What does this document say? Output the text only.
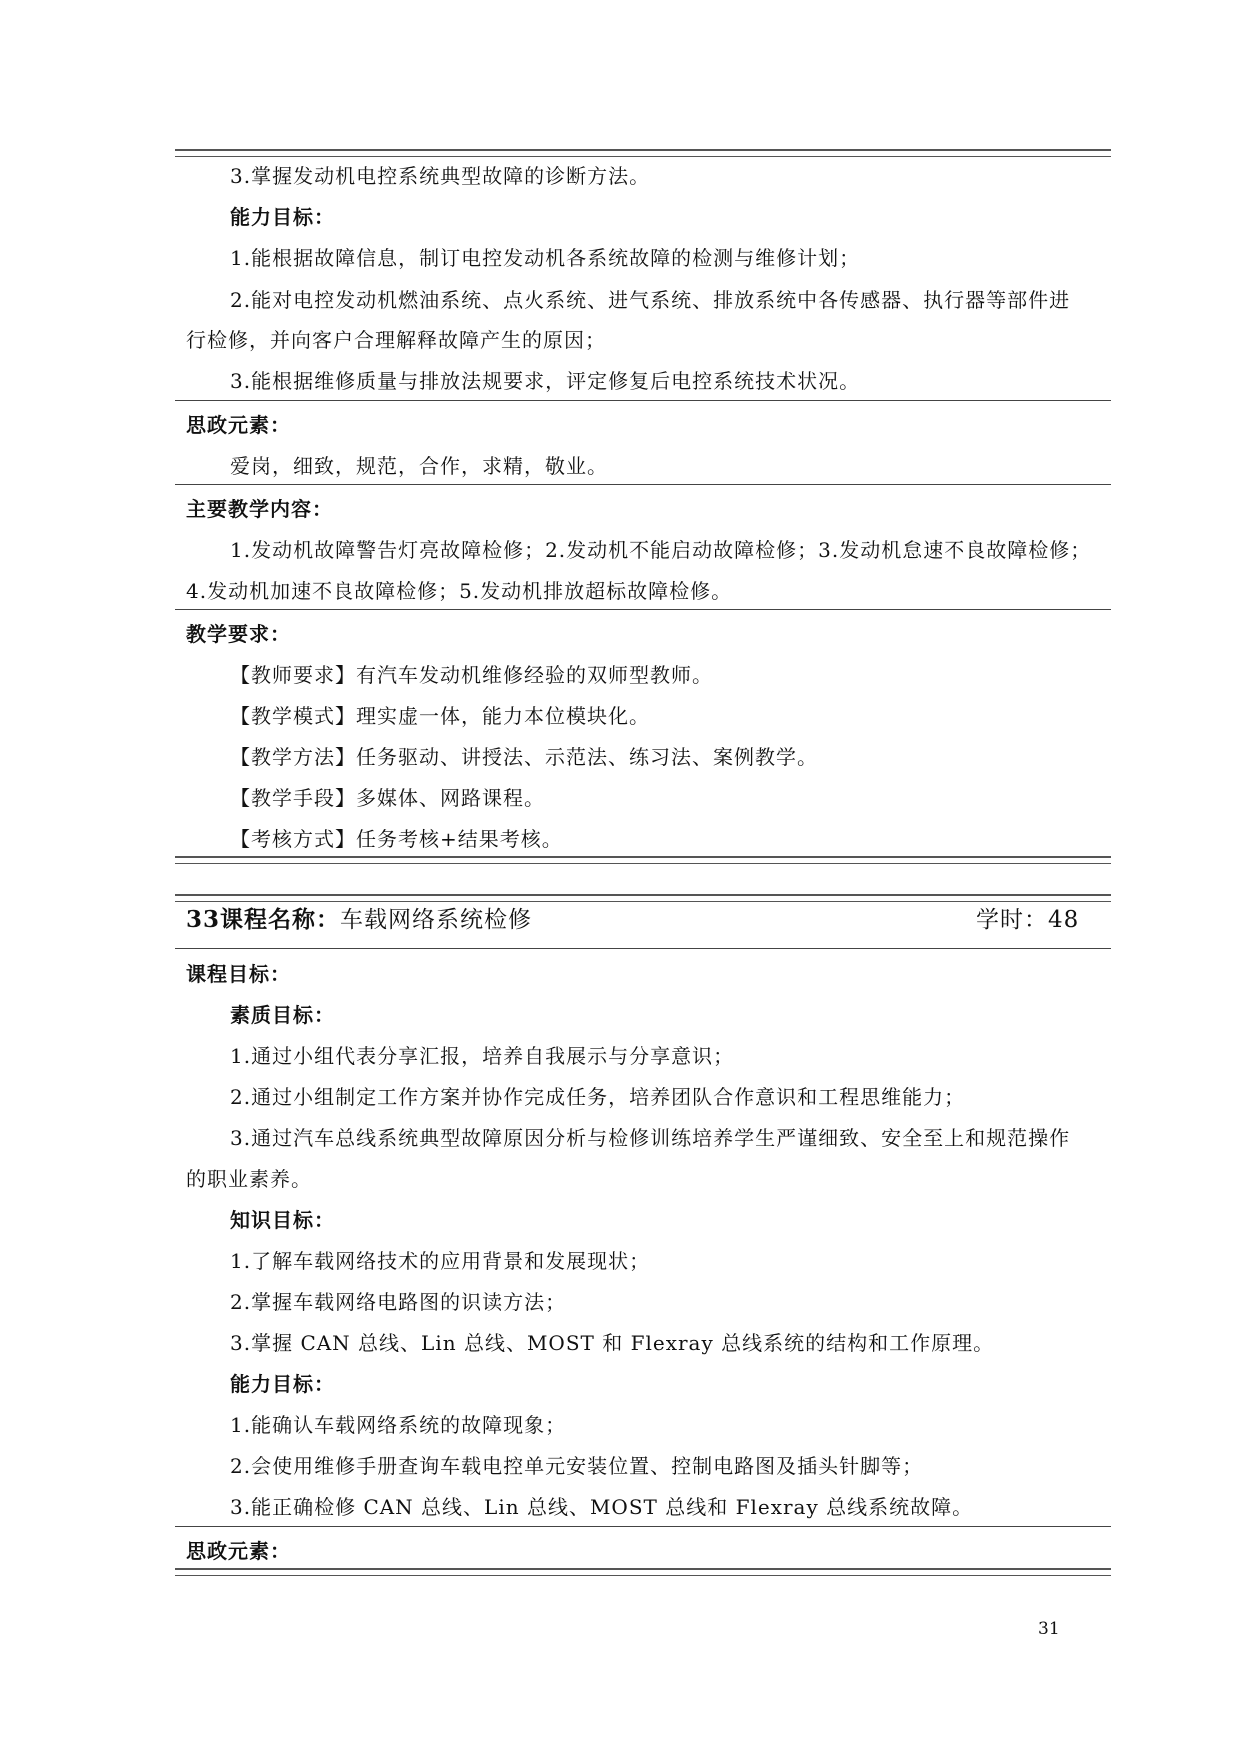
3.掌握发动机电控系统典型故障的诊断方法。
能力目标：
1.能根据故障信息，制订电控发动机各系统故障的检测与维修计划；
2.能对电控发动机燃油系统、点火系统、进气系统、排放系统中各传感器、执行器等部件进
行检修，并向客户合理解释故障产生的原因；
3.能根据维修质量与排放法规要求，评定修复后电控系统技术状况。
思政元素：
爱岗，细致，规范，合作，求精，敬业。
主要教学内容：
1.发动机故障警告灯亮故障检修；2.发动机不能启动故障检修；3.发动机怠速不良故障检修；
4.发动机加速不良故障检修；5.发动机排放超标故障检修。
教学要求：
【教师要求】有汽车发动机维修经验的双师型教师。
【教学模式】理实虚一体，能力本位模块化。
【教学方法】任务驱动、讲授法、示范法、练习法、案例教学。
【教学手段】多媒体、网路课程。
【考核方式】任务考核+结果考核。
33课程名称：车载网络系统检修	学时：48
课程目标：
素质目标：
1.通过小组代表分享汇报，培养自我展示与分享意识；
2.通过小组制定工作方案并协作完成任务，培养团队合作意识和工程思维能力；
3.通过汽车总线系统典型故障原因分析与检修训练培养学生严谨细致、安全至上和规范操作
的职业素养。
知识目标：
1.了解车载网络技术的应用背景和发展现状；
2.掌握车载网络电路图的识读方法；
3.掌握 CAN 总线、Lin 总线、MOST 和 Flexray 总线系统的结构和工作原理。
能力目标：
1.能确认车载网络系统的故障现象；
2.会使用维修手册查询车载电控单元安装位置、控制电路图及插头针脚等；
3.能正确检修 CAN 总线、Lin 总线、MOST 总线和 Flexray 总线系统故障。
思政元素：
31
